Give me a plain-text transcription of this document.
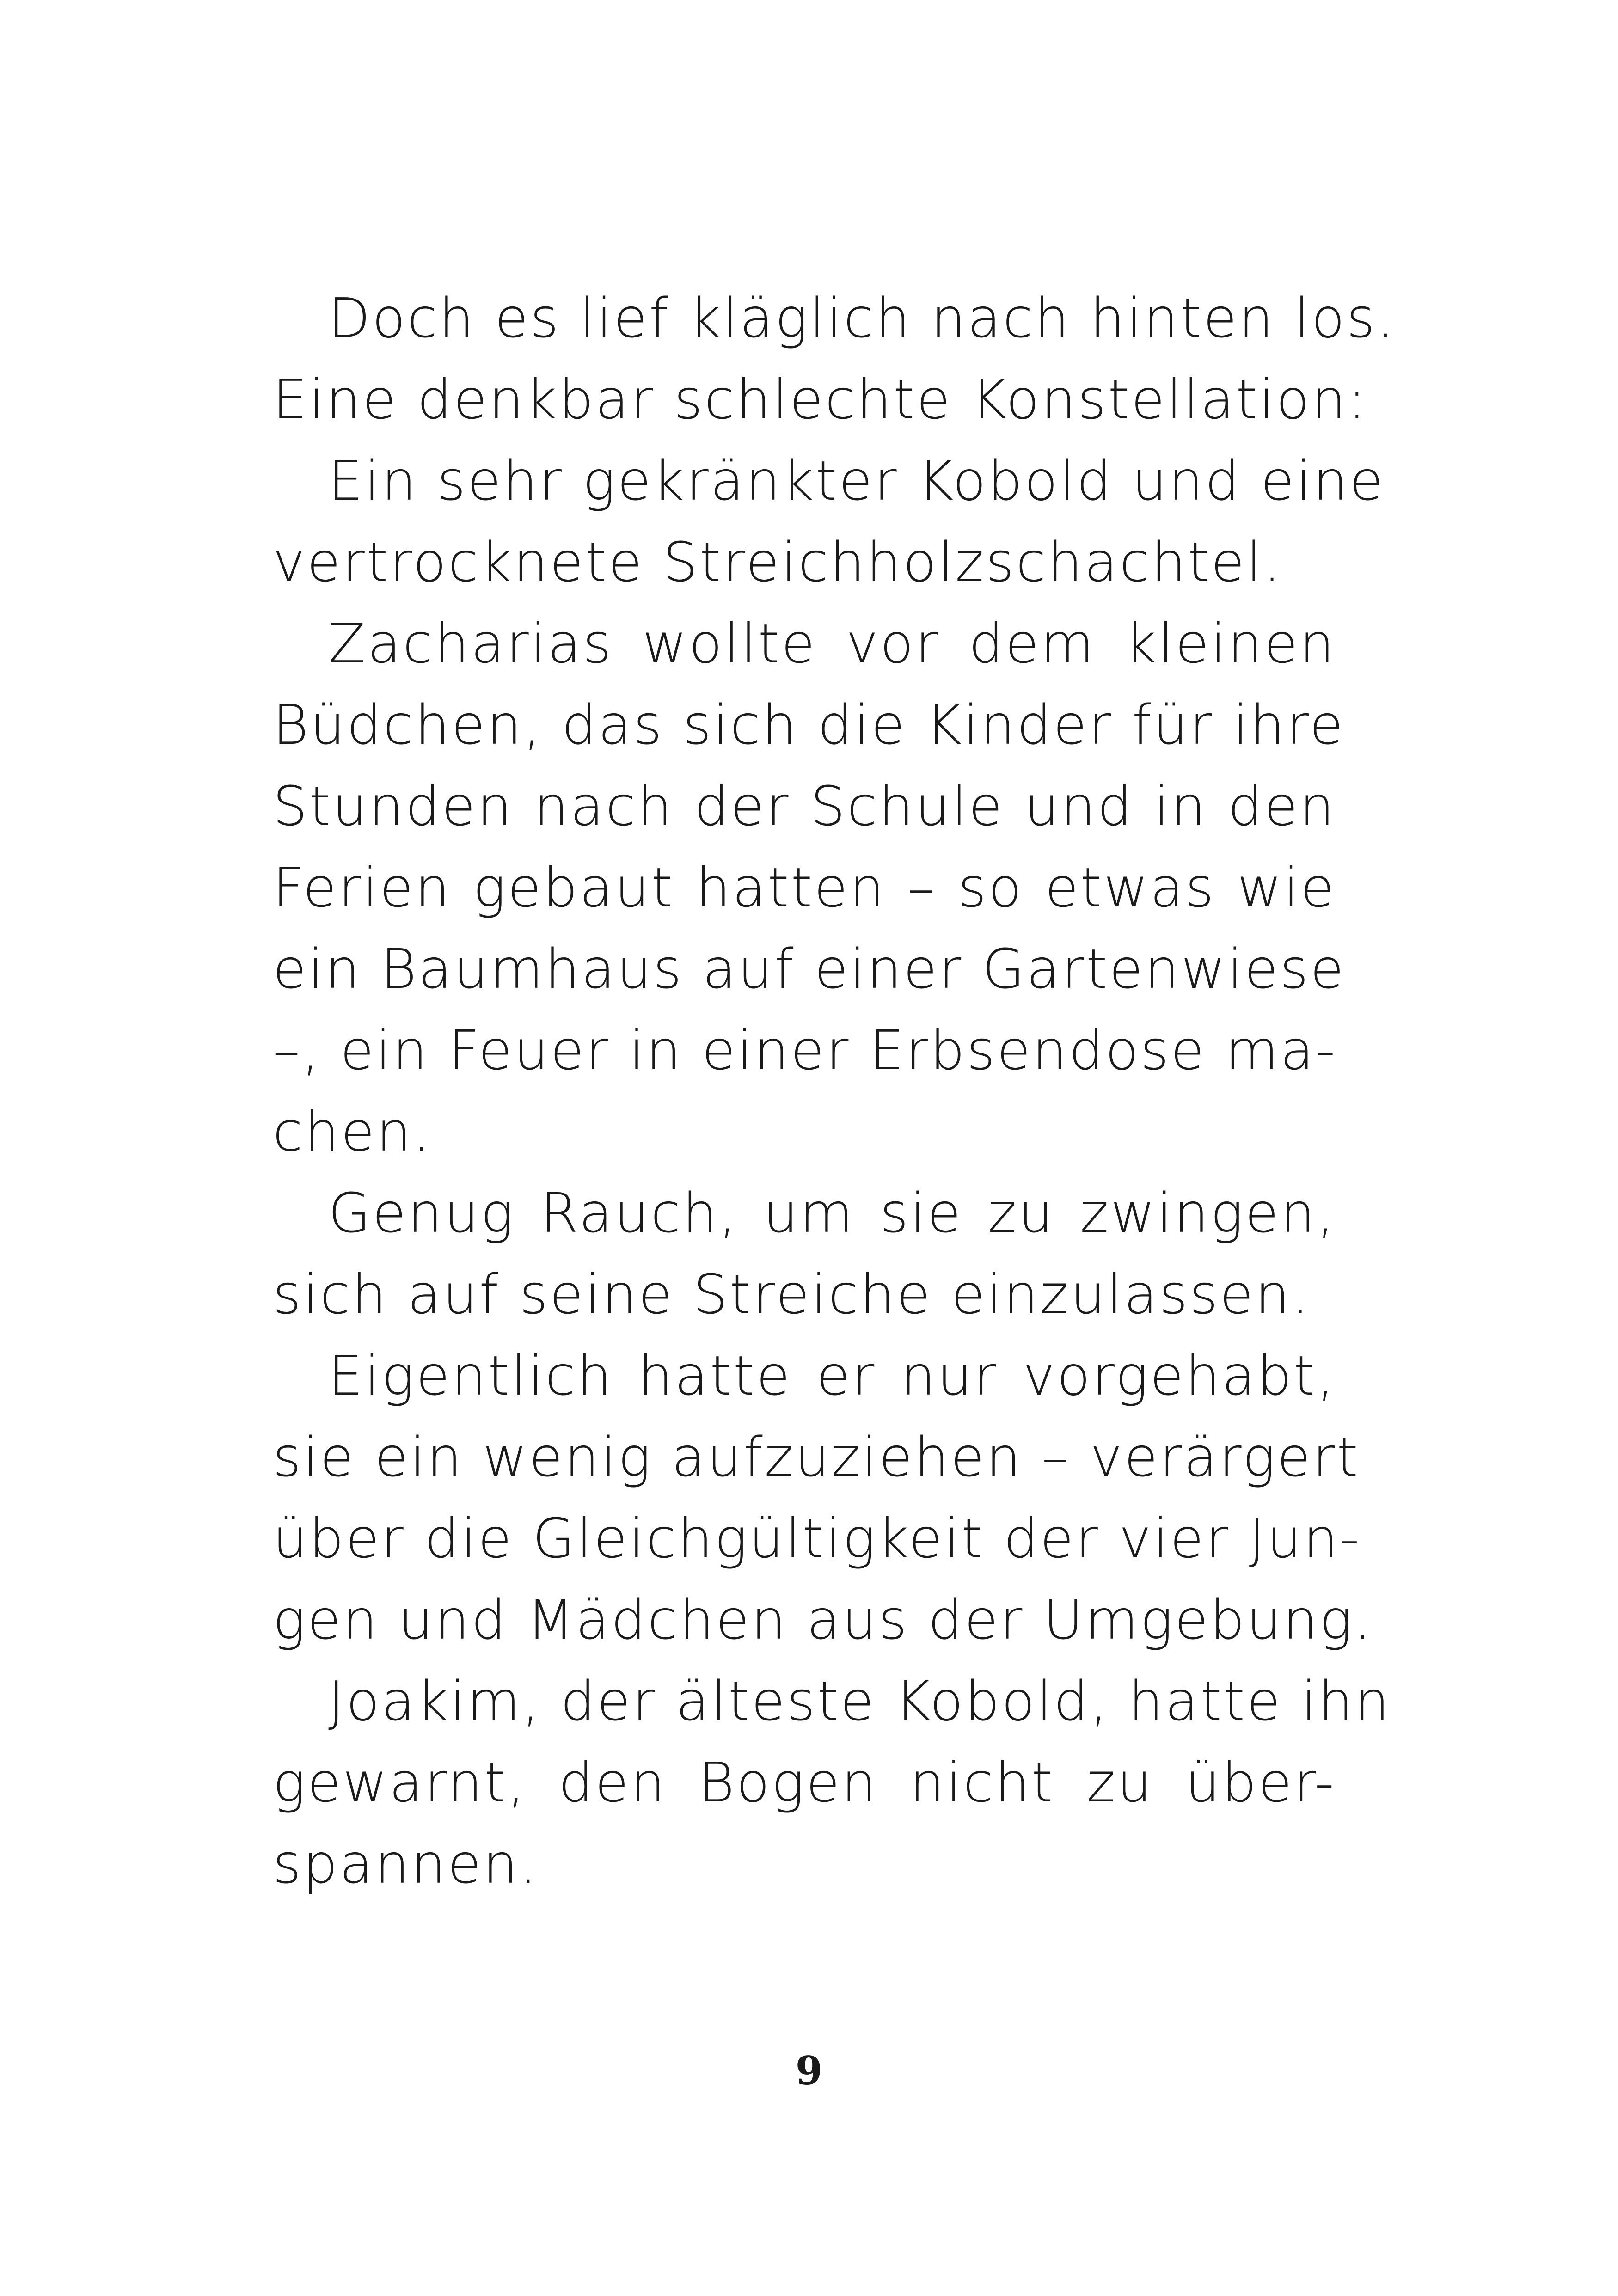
Doch es lief kläglich nach hinten los.
Eine denkbar schlechte Konstellation:
Ein sehr gekränkter Kobold und eine
vertrocknete Streichholzschachtel.
Zacharias wollte vor dem kleinen
Büdchen, das sich die Kinder für ihre
Stunden nach der Schule und in den
Ferien gebaut hatten – so etwas wie
ein Baumhaus auf einer Gartenwiese
–, ein Feuer in einer Erbsendose ma-
chen.
Genug Rauch, um sie zu zwingen,
sich auf seine Streiche einzulassen.
Eigentlich hatte er nur vorgehabt,
sie ein wenig aufzuziehen – verärgert
über die Gleichgültigkeit der vier Jun-
gen und Mädchen aus der Umgebung.
Joakim, der älteste Kobold, hatte ihn
gewarnt, den Bogen nicht zu über-
spannen.
9
